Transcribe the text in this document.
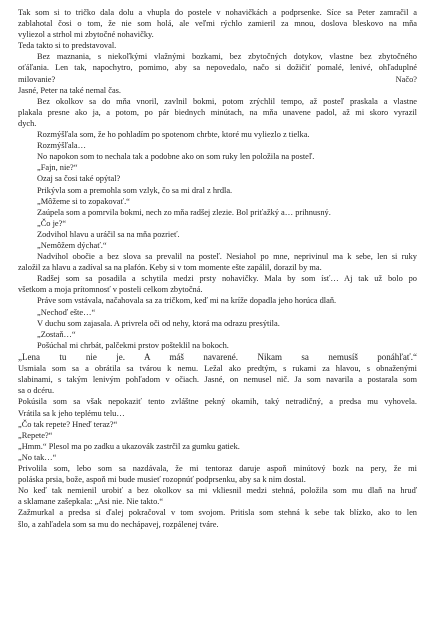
Tak som si to tričko dala dolu a vhupla do postele v nohavičkách a podprsenke. Síce sa Peter zamračil a
zablahotal čosi o tom, že nie som holá, ale veľmi rýchlo zamieril za mnou, doslova bleskovo na mňa
vyliezol a strhol mi zbytočné nohavičky.
Teda takto si to predstavoval.
Bez maznania, s niekoľkými vlažnými bozkami, bez zbytočných dotykov, vlastne bez zbytočného
oťáľania. Len tak, napochytro, pomimo, aby sa nepovedalo, načo si dožičiť pomalé, lenivé, ohľaduplné
milovanie?	Načo?
Jasné, Peter na také nemal čas.
Bez okolkov sa do mňa vnoril, zavlnil bokmi, potom zrýchlil tempo, až posteľ praskala a vlastne
plakala presne ako ja, a potom, po pár biednych minútach, na mňa unavene padol, až mi skoro vyrazil
dych.
Rozmýšľala som, že ho pohladím po spotenom chrbte, ktoré mu vyliezlo z tielka.
Rozmýšľala…
No napokon som to nechala tak a podobne ako on som ruky len položila na posteľ.
„Fajn, nie?“
Ozaj sa čosi také opýtal?
Prikývla som a premohla som vzlyk, čo sa mi dral z hrdla.
„Môžeme si to zopakovať.“
Zaúpela som a pomrvila bokmi, nech zo mňa radšej zlezie. Bol priťažký a… prihnusný.
„Čo je?“
Zodvihol hlavu a uráčil sa na mňa pozrieť.
„Nemôžem dýchať.“
Nadvihol obočie a bez slova sa prevalil na posteľ. Nesiahol po mne, neprivinul ma k sebe, len si ruky
založil za hlavu a zadíval sa na plafón. Keby si v tom momente ešte zapálil, dorazil by ma.
Radšej som sa posadila a schytila medzi prsty nohavičky. Mala by som ísť… Aj tak už bolo po
všetkom a moja prítomnosť v posteli celkom zbytočná.
Práve som vstávala, načahovala sa za tričkom, keď mi na kríže dopadla jeho horúca dlaň.
„Nechoď ešte…“
V duchu som zajasala. A privrela oči od nehy, ktorá ma odrazu presýtila.
„Zostaň…“
Pošúchal mi chrbát, palčekmi prstov pošteklil na bokoch.
„Lena tu nie je. A máš navarené. Nikam sa nemusíš ponáhľať.“
Usmiala som sa a obrátila sa tvárou k nemu. Ležal ako predtým, s rukami za hlavou, s obnaženými
slabinami, s takým lenivým pohľadom v očiach. Jasné, on nemusel nič. Ja som navarila a postarala som
sa o dcéru.
Pokúsila som sa však nepokaziť tento zvláštne pekný okamih, taký netradičný, a predsa mu vyhovela.
Vrátila sa k jeho teplému telu…
„Čo tak repete? Hneď teraz?“
„Repete?“
„Hmm.“ Plesol ma po zadku a ukazovák zastrčil za gumku gatiek.
„No tak…“
Privolila som, lebo som sa nazdávala, že mi tentoraz daruje aspoň minútový bozk na pery, že mi
poláska prsia, bože, aspoň mi bude musieť rozopnúť podprsenku, aby sa k nim dostal.
No keď tak nemienil urobiť a bez okolkov sa mi vkliesnil medzi stehná, položila som mu dlaň na hruď
a sklamane zašepkala: „Asi nie. Nie takto.“
Zažmurkal a predsa si ďalej pokračoval v tom svojom. Pritisla som stehná k sebe tak blízko, ako to len
šlo, a zahľadela som sa mu do nechápavej, rozpálenej tváre.
